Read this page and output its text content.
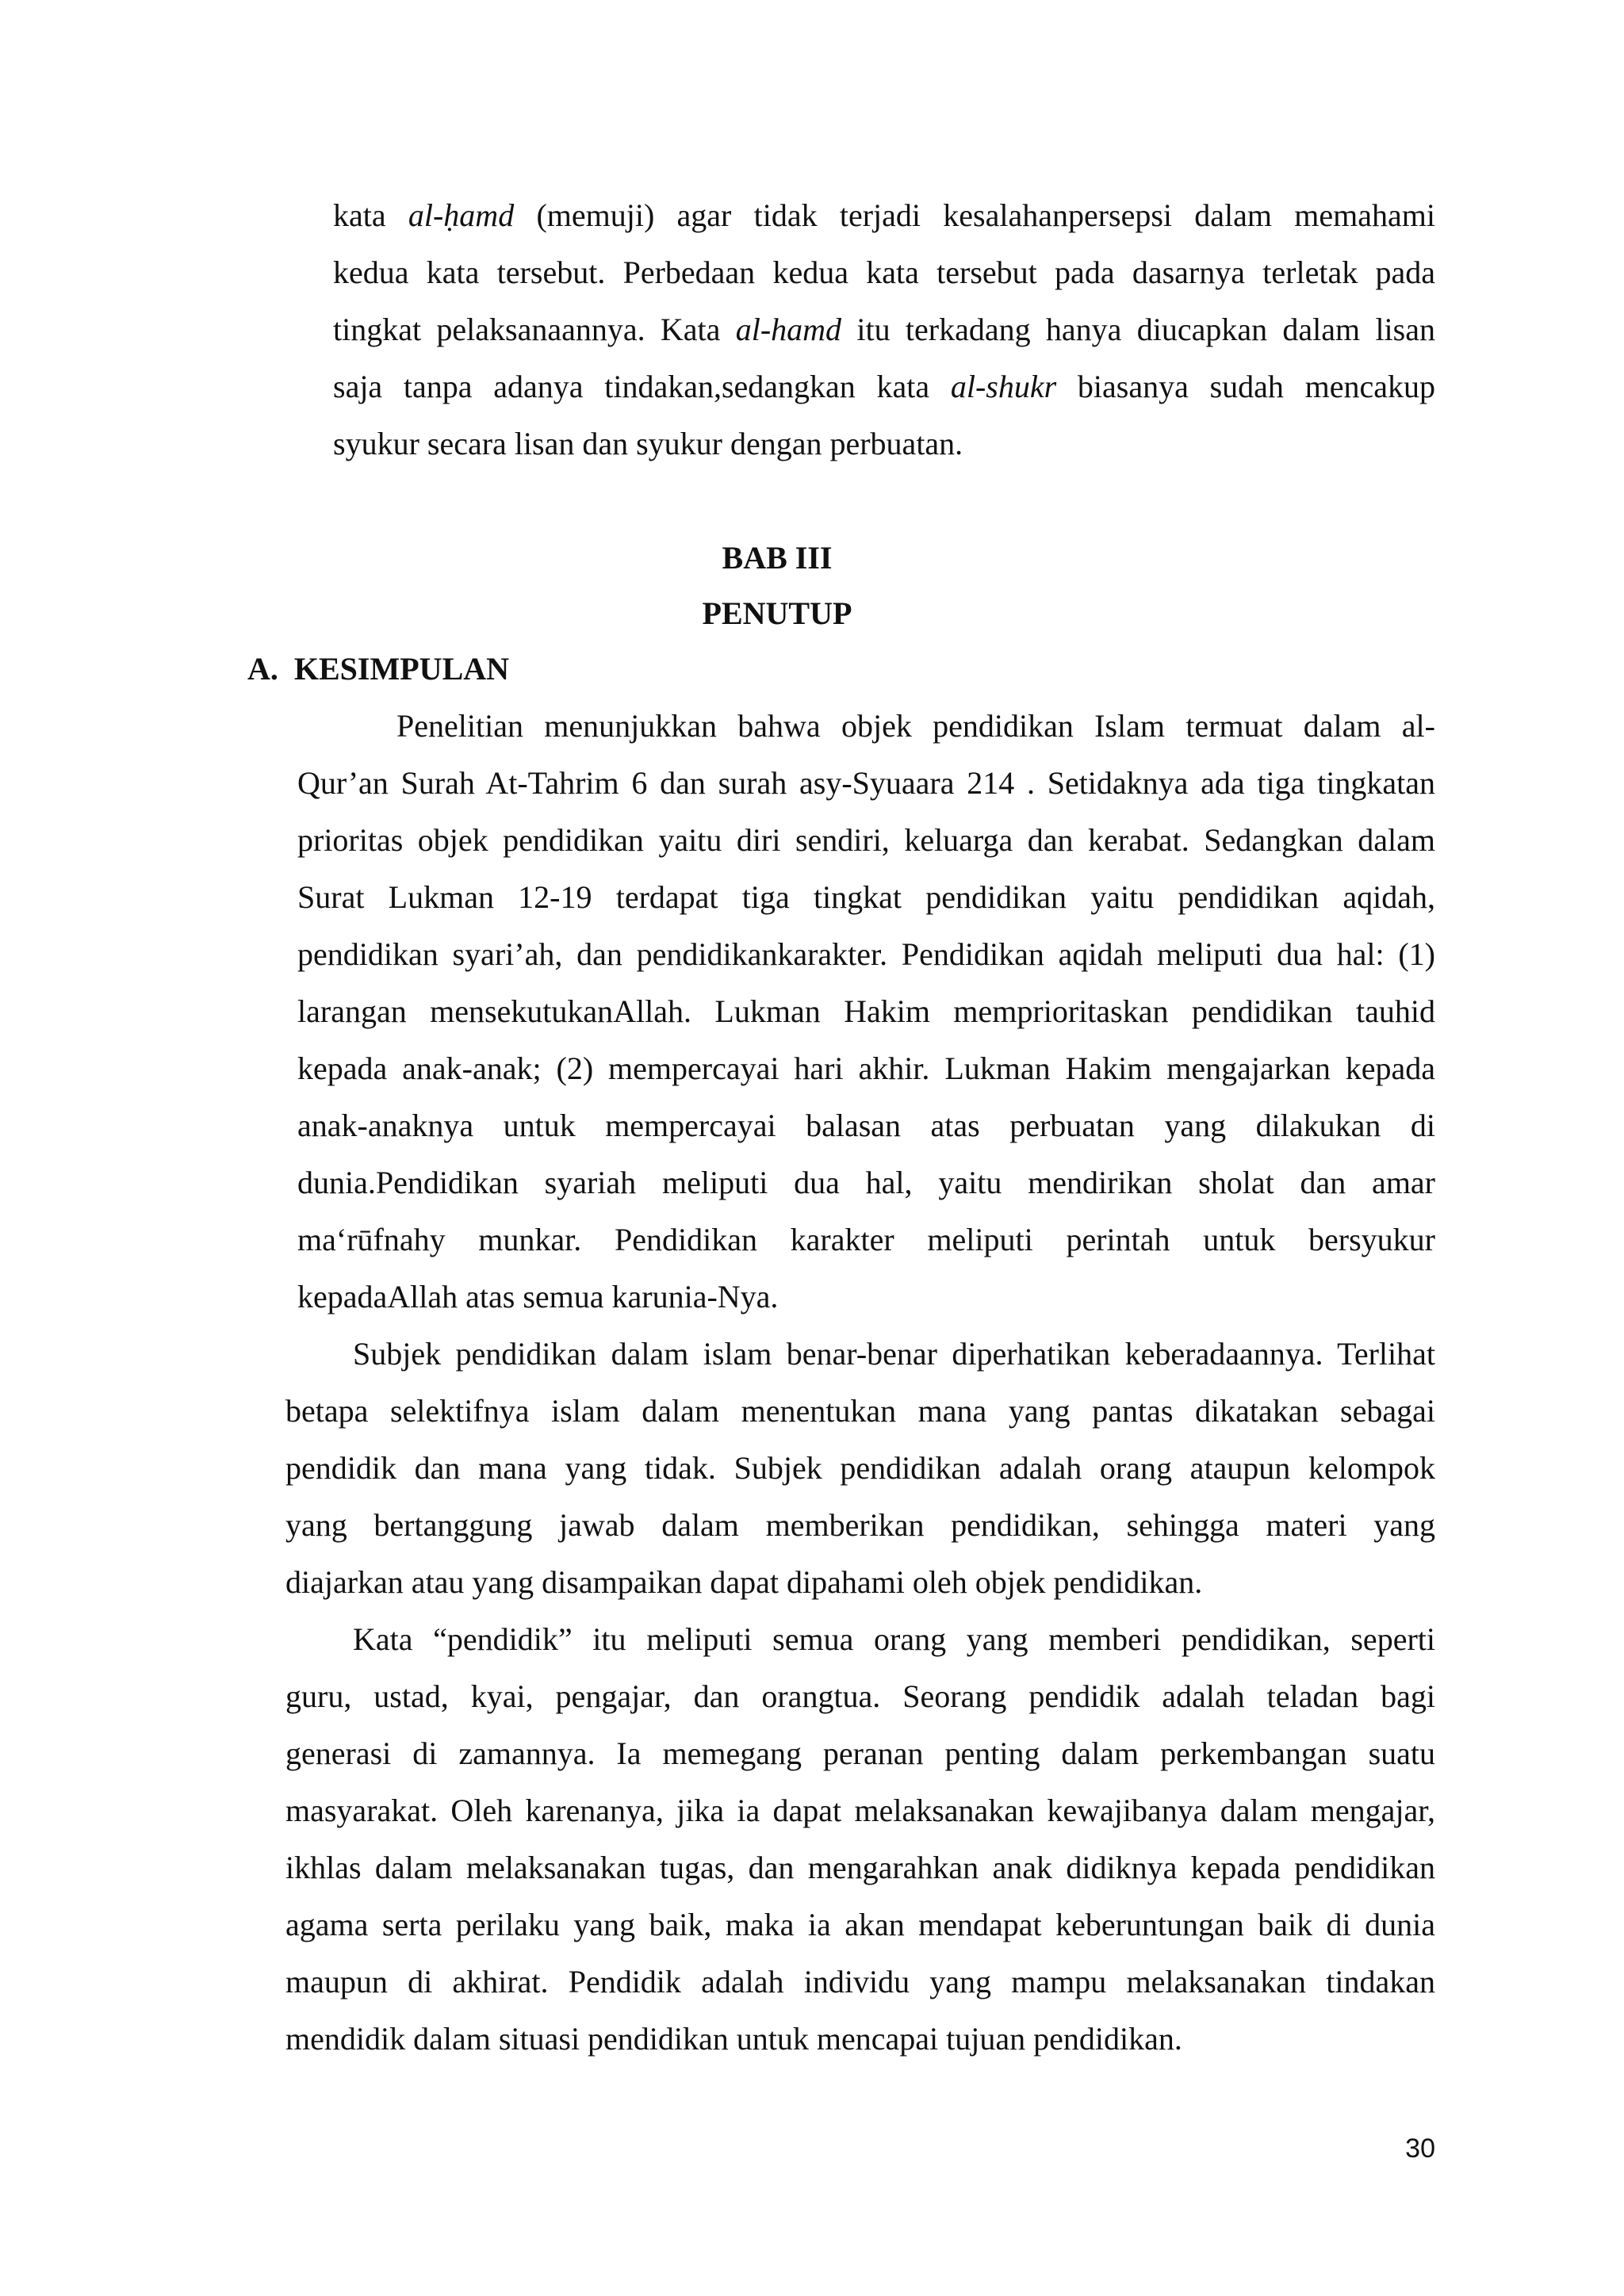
kata al-ḥamd (memuji) agar tidak terjadi kesalahanpersepsi dalam memahami
kedua kata tersebut. Perbedaan kedua kata tersebut pada dasarnya terletak pada
tingkat pelaksanaannya. Kata al-hamd itu terkadang hanya diucapkan dalam lisan
saja tanpa adanya tindakan,sedangkan kata al-shukr biasanya sudah mencakup
syukur secara lisan dan syukur dengan perbuatan.
BAB III
PENUTUP
A. KESIMPULAN
Penelitian menunjukkan bahwa objek pendidikan Islam termuat dalam al-
Qur’an Surah At-Tahrim 6 dan surah asy-Syuaara 214 . Setidaknya ada tiga tingkatan
prioritas objek pendidikan yaitu diri sendiri, keluarga dan kerabat. Sedangkan dalam
Surat Lukman 12-19 terdapat tiga tingkat pendidikan yaitu pendidikan aqidah,
pendidikan syari’ah, dan pendidikankarakter. Pendidikan aqidah meliputi dua hal: (1)
larangan mensekutukanAllah. Lukman Hakim memprioritaskan pendidikan tauhid
kepada anak-anak; (2) mempercayai hari akhir. Lukman Hakim mengajarkan kepada
anak-anaknya untuk mempercayai balasan atas perbuatan yang dilakukan di
dunia.Pendidikan syariah meliputi dua hal, yaitu mendirikan sholat dan amar
ma‘rūfnahy munkar. Pendidikan karakter meliputi perintah untuk bersyukur
kepadaAllah atas semua karunia-Nya.
Subjek pendidikan dalam islam benar-benar diperhatikan keberadaannya. Terlihat
betapa selektifnya islam dalam menentukan mana yang pantas dikatakan sebagai
pendidik dan mana yang tidak. Subjek pendidikan adalah orang ataupun kelompok
yang bertanggung jawab dalam memberikan pendidikan, sehingga materi yang
diajarkan atau yang disampaikan dapat dipahami oleh objek pendidikan.
Kata “pendidik” itu meliputi semua orang yang memberi pendidikan, seperti
guru, ustad, kyai, pengajar, dan orangtua. Seorang pendidik adalah teladan bagi
generasi di zamannya. Ia memegang peranan penting dalam perkembangan suatu
masyarakat. Oleh karenanya, jika ia dapat melaksanakan kewajibanya dalam mengajar,
ikhlas dalam melaksanakan tugas, dan mengarahkan anak didiknya kepada pendidikan
agama serta perilaku yang baik, maka ia akan mendapat keberuntungan baik di dunia
maupun di akhirat. Pendidik adalah individu yang mampu melaksanakan tindakan
mendidik dalam situasi pendidikan untuk mencapai tujuan pendidikan.
30
